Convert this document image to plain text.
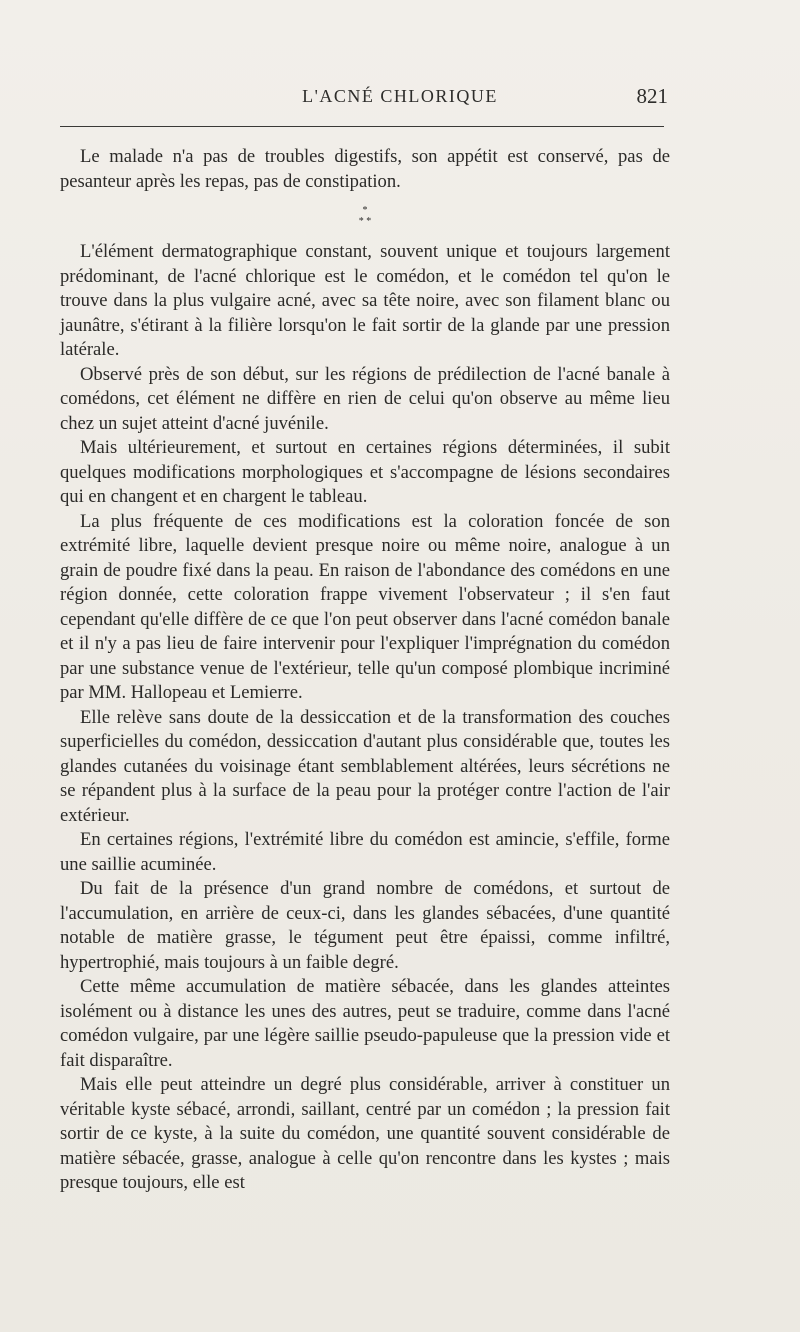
L'ACNÉ CHLORIQUE	821

Le malade n'a pas de troubles digestifs, son appétit est conservé, pas de pesanteur après les repas, pas de constipation.

*
* *

L'élément dermatographique constant, souvent unique et toujours largement prédominant, de l'acné chlorique est le comédon, et le comédon tel qu'on le trouve dans la plus vulgaire acné, avec sa tête noire, avec son filament blanc ou jaunâtre, s'étirant à la filière lorsqu'on le fait sortir de la glande par une pression latérale.

Observé près de son début, sur les régions de prédilection de l'acné banale à comédons, cet élément ne diffère en rien de celui qu'on observe au même lieu chez un sujet atteint d'acné juvénile.

Mais ultérieurement, et surtout en certaines régions déterminées, il subit quelques modifications morphologiques et s'accompagne de lésions secondaires qui en changent et en chargent le tableau.

La plus fréquente de ces modifications est la coloration foncée de son extrémité libre, laquelle devient presque noire ou même noire, analogue à un grain de poudre fixé dans la peau. En raison de l'abondance des comédons en une région donnée, cette coloration frappe vivement l'observateur ; il s'en faut cependant qu'elle diffère de ce que l'on peut observer dans l'acné comédon banale et il n'y a pas lieu de faire intervenir pour l'expliquer l'imprégnation du comédon par une substance venue de l'extérieur, telle qu'un composé plombique incriminé par MM. Hallopeau et Lemierre.

Elle relève sans doute de la dessiccation et de la transformation des couches superficielles du comédon, dessiccation d'autant plus considérable que, toutes les glandes cutanées du voisinage étant semblablement altérées, leurs sécrétions ne se répandent plus à la surface de la peau pour la protéger contre l'action de l'air extérieur.

En certaines régions, l'extrémité libre du comédon est amincie, s'effile, forme une saillie acuminée.

Du fait de la présence d'un grand nombre de comédons, et surtout de l'accumulation, en arrière de ceux-ci, dans les glandes sébacées, d'une quantité notable de matière grasse, le tégument peut être épaissi, comme infiltré, hypertrophié, mais toujours à un faible degré.

Cette même accumulation de matière sébacée, dans les glandes atteintes isolément ou à distance les unes des autres, peut se traduire, comme dans l'acné comédon vulgaire, par une légère saillie pseudo-papuleuse que la pression vide et fait disparaître.

Mais elle peut atteindre un degré plus considérable, arriver à constituer un véritable kyste sébacé, arrondi, saillant, centré par un comédon ; la pression fait sortir de ce kyste, à la suite du comédon, une quantité souvent considérable de matière sébacée, grasse, analogue à celle qu'on rencontre dans les kystes ; mais presque toujours, elle est
